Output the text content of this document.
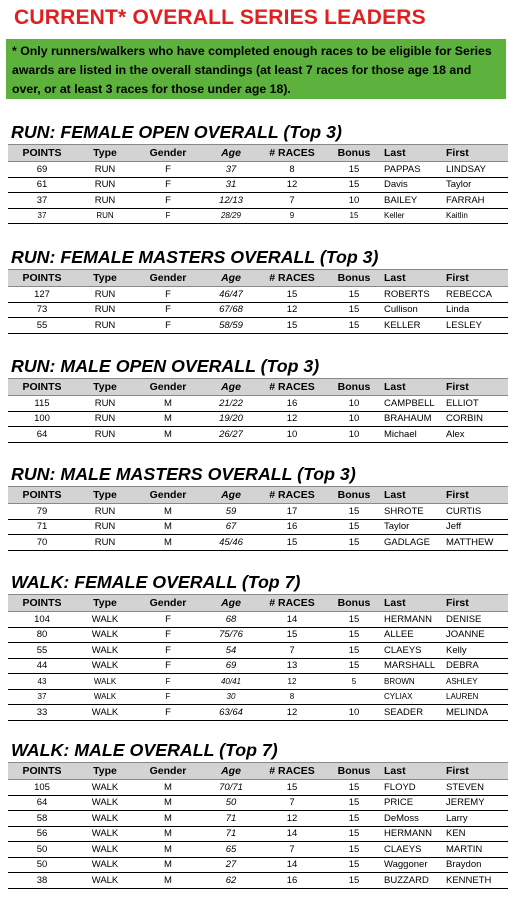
CURRENT* OVERALL SERIES LEADERS
* Only runners/walkers who have completed enough races to be eligible for Series awards are listed in the overall standings (at least 7 races for those age 18 and over, or at least 3 races for those under age 18).
RUN: FEMALE OPEN OVERALL (Top 3)
POINTS	Type	Gender	Age	# RACES	Bonus	Last	First
69	RUN	F	37	8	15	PAPPAS	LINDSAY
61	RUN	F	31	12	15	Davis	Taylor
37	RUN	F	12/13	7	10	BAILEY	FARRAH
37	RUN	F	28/29	9	15	Keller	Kaitlin
RUN: FEMALE MASTERS OVERALL (Top 3)
POINTS	Type	Gender	Age	# RACES	Bonus	Last	First
127	RUN	F	46/47	15	15	ROBERTS	REBECCA
73	RUN	F	67/68	12	15	Cullison	Linda
55	RUN	F	58/59	15	15	KELLER	LESLEY
RUN: MALE OPEN OVERALL (Top 3)
POINTS	Type	Gender	Age	# RACES	Bonus	Last	First
115	RUN	M	21/22	16	10	CAMPBELL	ELLIOT
100	RUN	M	19/20	12	10	BRAHAUM	CORBIN
64	RUN	M	26/27	10	10	Michael	Alex
RUN: MALE MASTERS OVERALL (Top 3)
POINTS	Type	Gender	Age	# RACES	Bonus	Last	First
79	RUN	M	59	17	15	SHROTE	CURTIS
71	RUN	M	67	16	15	Taylor	Jeff
70	RUN	M	45/46	15	15	GADLAGE	MATTHEW
WALK: FEMALE OVERALL (Top 7)
POINTS	Type	Gender	Age	# RACES	Bonus	Last	First
104	WALK	F	68	14	15	HERMANN	DENISE
80	WALK	F	75/76	15	15	ALLEE	JOANNE
55	WALK	F	54	7	15	CLAEYS	Kelly
44	WALK	F	69	13	15	MARSHALL	DEBRA
43	WALK	F	40/41	12	5	BROWN	ASHLEY
37	WALK	F	30	8		CYLIAX	LAUREN
33	WALK	F	63/64	12	10	SEADER	MELINDA
WALK: MALE OVERALL (Top 7)
POINTS	Type	Gender	Age	# RACES	Bonus	Last	First
105	WALK	M	70/71	15	15	FLOYD	STEVEN
64	WALK	M	50	7	15	PRICE	JEREMY
58	WALK	M	71	12	15	DeMoss	Larry
56	WALK	M	71	14	15	HERMANN	KEN
50	WALK	M	65	7	15	CLAEYS	MARTIN
50	WALK	M	27	14	15	Waggoner	Braydon
38	WALK	M	62	16	15	BUZZARD	KENNETH
